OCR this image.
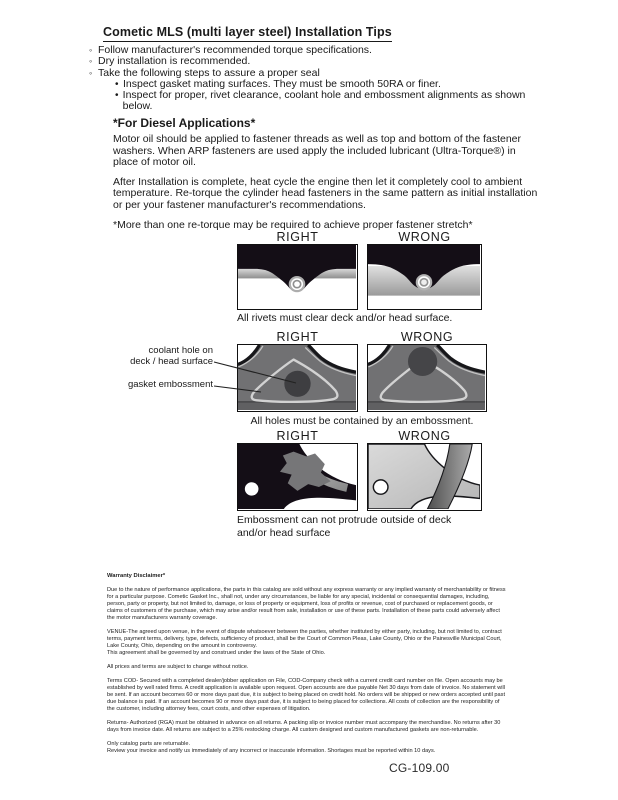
Cometic MLS (multi layer steel) Installation Tips
◦ Follow manufacturer's recommended torque specifications.
◦ Dry installation is recommended.
◦ Take the following steps to assure a proper seal
• Inspect gasket mating surfaces. They must be smooth 50RA or finer.
• Inspect for proper, rivet clearance, coolant hole and embossment alignments as shown below.
*For Diesel Applications*

Motor oil should be applied to fastener threads as well as top and bottom of the fastener washers. When ARP fasteners are used apply the included lubricant (Ultra-Torque®) in place of motor oil.

After Installation is complete, heat cycle the engine then let it completely cool to ambient temperature. Re-torque the cylinder head fasteners in the same pattern as initial installation or per your fastener manufacturer's recommendations.

*More than one re-torque may be required to achieve proper fastener stretch*

RIGHT	WRONG
All rivets must clear deck and/or head surface.
RIGHT	WRONG
coolant hole on
deck / head surface
gasket embossment
All holes must be contained by an embossment.
RIGHT	WRONG
Embossment can not protrude outside of deck
and/or head surface

Warranty Disclaimer*

Due to the nature of performance applications, the parts in this catalog are sold without any express warranty or any implied warranty of merchantability or fitness for a particular purpose. Cometic Gasket Inc., shall not, under any circumstances, be liable for any special, incidental or consequential damages, including, person, party or property, but not limited to, damage, or loss of property or equipment, loss of profits or revenue, cost of purchased or replacement goods, or claims of customers of the purchase, which may arise and/or result from sale, installation or use of these parts. Installation of these parts could adversely affect the motor manufacturers warranty coverage.

VENUE-The agreed upon venue, in the event of dispute whatsoever between the parties, whether instituted by either party, including, but not limited to, contract terms, payment terms, delivery, type, defects, sufficiency of product, shall be the Court of Common Pleas, Lake County, Ohio or the Painesville Municipal Court, Lake County, Ohio, depending on the amount in controversy.

This agreement shall be governed by and construed under the laws of the State of Ohio.

All prices and terms are subject to change without notice.

Terms COD- Secured with a completed dealer/jobber application on File, COD-Company check with a current credit card number on file. Open accounts may be established by well rated firms. A credit application is available upon request. Open accounts are due payable Net 30 days from date of invoice. No statement will be sent. If an account becomes 60 or more days past due, it is subject to being placed on credit hold. No orders will be shipped or new orders accepted until past due balance is paid. If an account becomes 90 or more days past due, it is subject to being placed for collections. All costs of collection are the responsibility of the customer, including attorney fees, court costs, and other expenses of litigation.

Returns- Authorized (RGA) must be obtained in advance on all returns. A packing slip or invoice number must accompany the merchandise. No returns after 30 days from invoice date. All returns are subject to a 25% restocking charge. All custom designed and custom manufactured gaskets are non-returnable.

Only catalog parts are returnable.

Review your invoice and notify us immediately of any incorrect or inaccurate information. Shortages must be reported within 10 days.

CG-109.00
